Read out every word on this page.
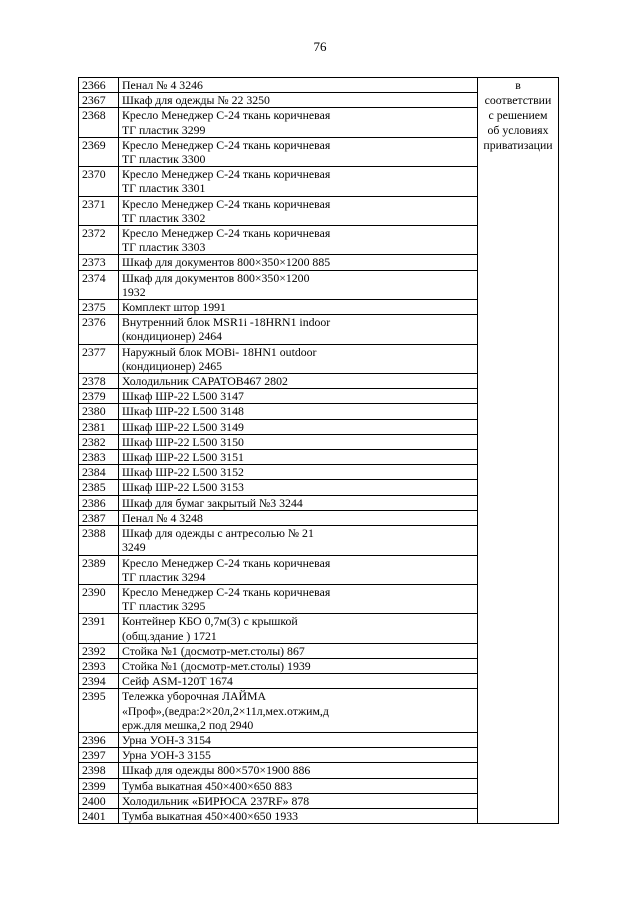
76
2366	Пенал № 4 3246	в
соответствии
с решением
об условиях
приватизации
2367	Шкаф для одежды № 22 3250	
2368	Кресло Менеджер С-24 ткань коричневая
ТГ пластик 3299	
2369	Кресло Менеджер С-24 ткань коричневая
ТГ пластик 3300	
2370	Кресло Менеджер С-24 ткань коричневая
ТГ пластик 3301	
2371	Кресло Менеджер С-24 ткань коричневая
ТГ пластик 3302	
2372	Кресло Менеджер С-24 ткань коричневая
ТГ пластик 3303	
2373	Шкаф для документов 800×350×1200 885	
2374	Шкаф для документов 800×350×1200
1932	
2375	Комплект штор 1991	
2376	Внутренний блок MSR1i -18HRN1 indoor
(кондиционер) 2464	
2377	Наружный блок MOBi- 18HN1 outdoor
(кондиционер) 2465	
2378	Холодильник САРАТОВ467 2802	
2379	Шкаф ШР-22 L500 3147	
2380	Шкаф ШР-22 L500 3148	
2381	Шкаф ШР-22 L500 3149	
2382	Шкаф ШР-22 L500 3150	
2383	Шкаф ШР-22 L500 3151	
2384	Шкаф ШР-22 L500 3152	
2385	Шкаф ШР-22 L500 3153	
2386	Шкаф для бумаг закрытый №3 3244	
2387	Пенал № 4 3248	
2388	Шкаф для одежды с антресолью № 21
3249	
2389	Кресло Менеджер С-24 ткань коричневая
ТГ пластик 3294	
2390	Кресло Менеджер С-24 ткань коричневая
ТГ пластик 3295	
2391	Контейнер КБО 0,7м(3) с крышкой
(общ.здание ) 1721	
2392	Стойка №1 (досмотр-мет.столы) 867	
2393	Стойка №1 (досмотр-мет.столы) 1939	
2394	Сейф ASM-120T 1674	
2395	Тележка уборочная ЛАЙМА
«Проф»,(ведра:2×20л,2×11л,мех.отжим,д
ерж.для мешка,2 под 2940	
2396	Урна УОН-3 3154	
2397	Урна УОН-3 3155	
2398	Шкаф для одежды 800×570×1900 886	
2399	Тумба выкатная 450×400×650 883	
2400	Холодильник «БИРЮСА 237RF» 878	
2401	Тумба выкатная 450×400×650 1933	
